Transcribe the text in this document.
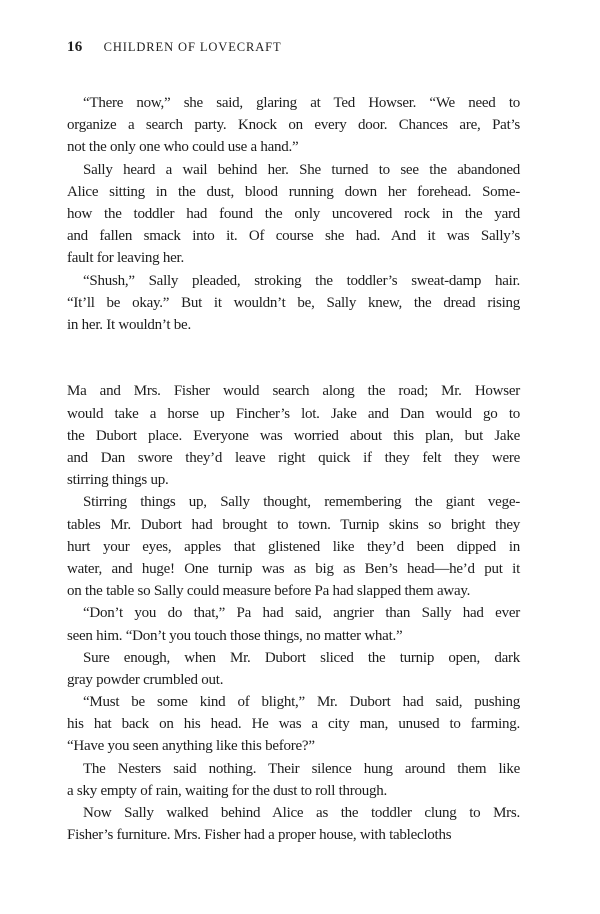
16 CHILDREN OF LOVECRAFT
“There now,” she said, glaring at Ted Howser. “We need to
organize a search party. Knock on every door. Chances are, Pat’s
not the only one who could use a hand.”
Sally heard a wail behind her. She turned to see the abandoned
Alice sitting in the dust, blood running down her forehead. Some-
how the toddler had found the only uncovered rock in the yard
and fallen smack into it. Of course she had. And it was Sally’s
fault for leaving her.
“Shush,” Sally pleaded, stroking the toddler’s sweat-damp hair.
“It’ll be okay.” But it wouldn’t be, Sally knew, the dread rising
in her. It wouldn’t be.
Ma and Mrs. Fisher would search along the road; Mr. Howser
would take a horse up Fincher’s lot. Jake and Dan would go to
the Dubort place. Everyone was worried about this plan, but Jake
and Dan swore they’d leave right quick if they felt they were
stirring things up.
Stirring things up, Sally thought, remembering the giant vege-
tables Mr. Dubort had brought to town. Turnip skins so bright they
hurt your eyes, apples that glistened like they’d been dipped in
water, and huge! One turnip was as big as Ben’s head—he’d put it
on the table so Sally could measure before Pa had slapped them away.
“Don’t you do that,” Pa had said, angrier than Sally had ever
seen him. “Don’t you touch those things, no matter what.”
Sure enough, when Mr. Dubort sliced the turnip open, dark
gray powder crumbled out.
“Must be some kind of blight,” Mr. Dubort had said, pushing
his hat back on his head. He was a city man, unused to farming.
“Have you seen anything like this before?”
The Nesters said nothing. Their silence hung around them like
a sky empty of rain, waiting for the dust to roll through.
Now Sally walked behind Alice as the toddler clung to Mrs.
Fisher’s furniture. Mrs. Fisher had a proper house, with tablecloths
